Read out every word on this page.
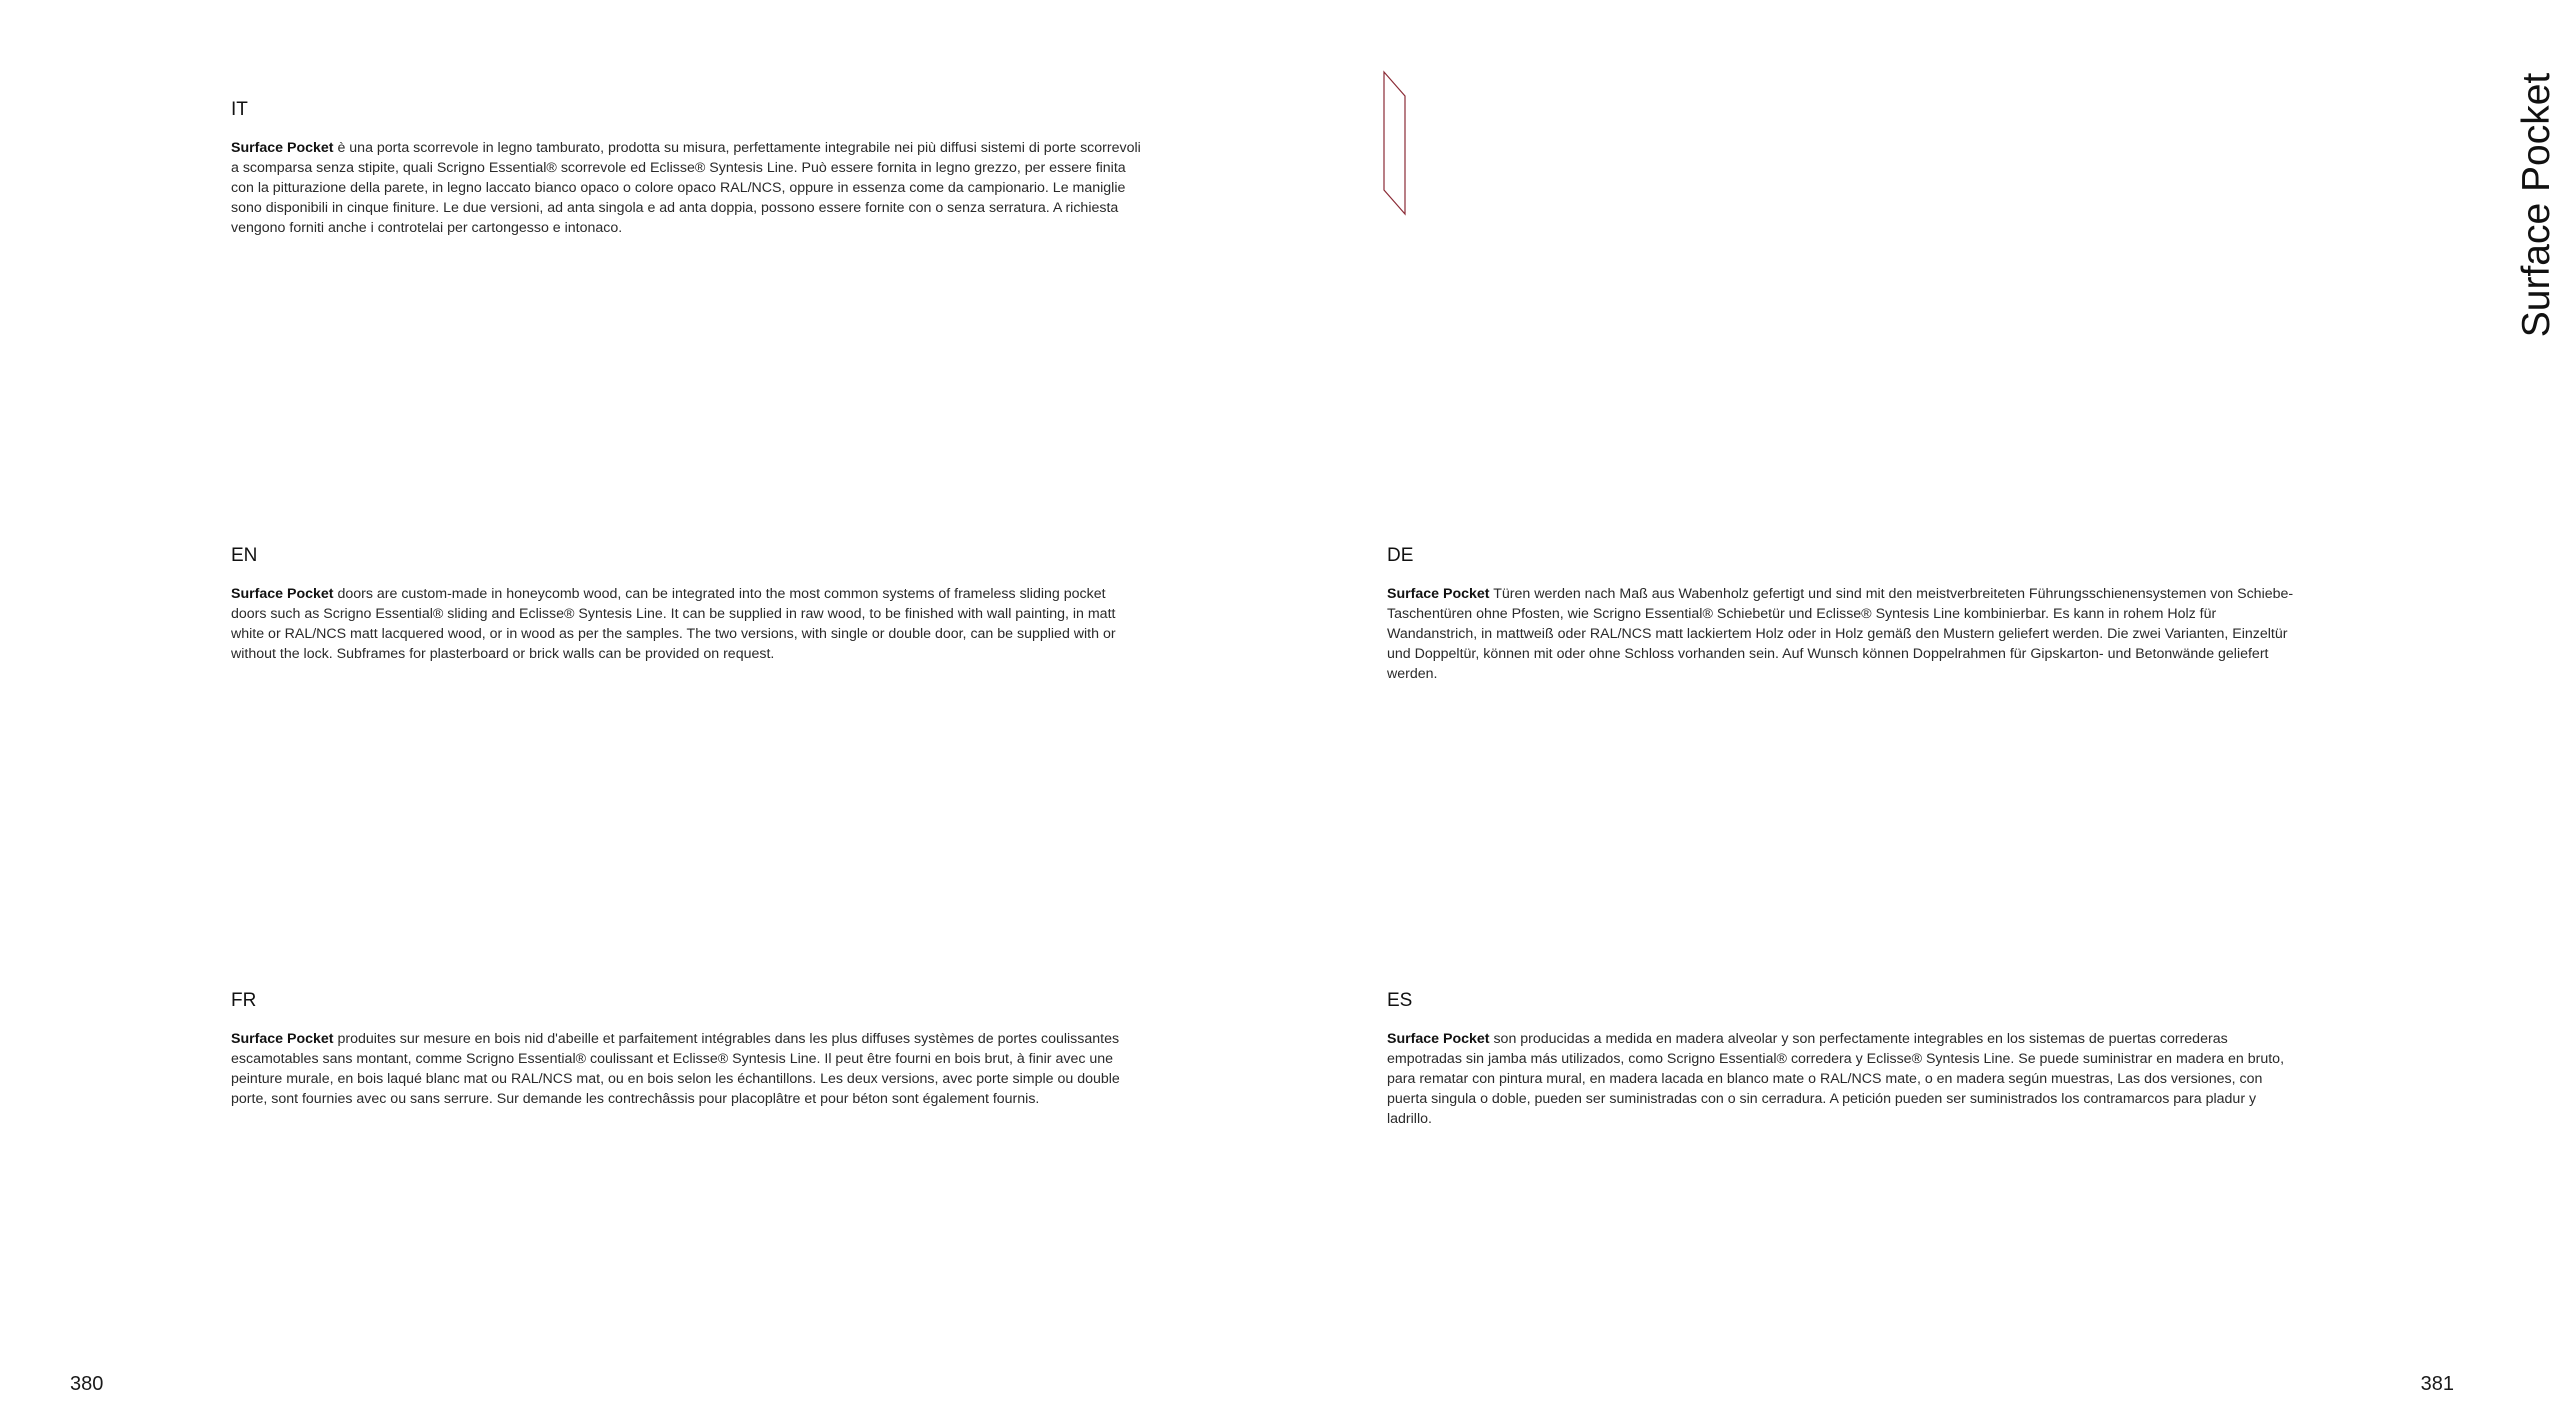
IT

Surface Pocket è una porta scorrevole in legno tamburato, prodotta su misura, perfettamente integrabile nei più diffusi sistemi di porte scorrevoli a scomparsa senza stipite, quali Scrigno Essential® scorrevole ed Eclisse® Syntesis Line. Può essere fornita in legno grezzo, per essere finita con la pitturazione della parete, in legno laccato bianco opaco o colore opaco RAL/NCS, oppure in essenza come da campionario. Le maniglie sono disponibili in cinque finiture. Le due versioni, ad anta singola e ad anta doppia, possono essere fornite con o senza serratura. A richiesta vengono forniti anche i controtelai per cartongesso e intonaco.

EN

Surface Pocket doors are custom-made in honeycomb wood, can be integrated into the most common systems of frameless sliding pocket doors such as Scrigno Essential® sliding and Eclisse® Syntesis Line. It can be supplied in raw wood, to be finished with wall painting, in matt white or RAL/NCS matt lacquered wood, or in wood as per the samples. The two versions, with single or double door, can be supplied with or without the lock. Subframes for plasterboard or brick walls can be provided on request.

FR

Surface Pocket produites sur mesure en bois nid d'abeille et parfaitement intégrables dans les plus diffuses systèmes de portes coulissantes escamotables sans montant, comme Scrigno Essential® coulissant et Eclisse® Syntesis Line. Il peut être fourni en bois brut, à finir avec une peinture murale, en bois laqué blanc mat ou RAL/NCS mat, ou en bois selon les échantillons. Les deux versions, avec porte simple ou double porte, sont fournies avec ou sans serrure. Sur demande les contrechâssis pour placoplâtre et pour béton sont également fournis.

DE

Surface Pocket Türen werden nach Maß aus Wabenholz gefertigt und sind mit den meistverbreiteten Führungsschienensystemen von Schiebe-Taschentüren ohne Pfosten, wie Scrigno Essential® Schiebetür und Eclisse® Syntesis Line kombinierbar. Es kann in rohem Holz für Wandanstrich, in mattweiß oder RAL/NCS matt lackiertem Holz oder in Holz gemäß den Mustern geliefert werden. Die zwei Varianten, Einzeltür und Doppeltür, können mit oder ohne Schloss vorhanden sein. Auf Wunsch können Doppelrahmen für Gipskarton- und Betonwände geliefert werden.

ES

Surface Pocket son producidas a medida en madera alveolar y son perfectamente integrables en los sistemas de puertas correderas empotradas sin jamba más utilizados, como Scrigno Essential® corredera y Eclisse® Syntesis Line. Se puede suministrar en madera en bruto, para rematar con pintura mural, en madera lacada en blanco mate o RAL/NCS mate, o en madera según muestras, Las dos versiones, con puerta singula o doble, pueden ser suministradas con o sin cerradura. A petición pueden ser suministrados los contramarcos para pladur y ladrillo.

Surface Pocket
380	381
